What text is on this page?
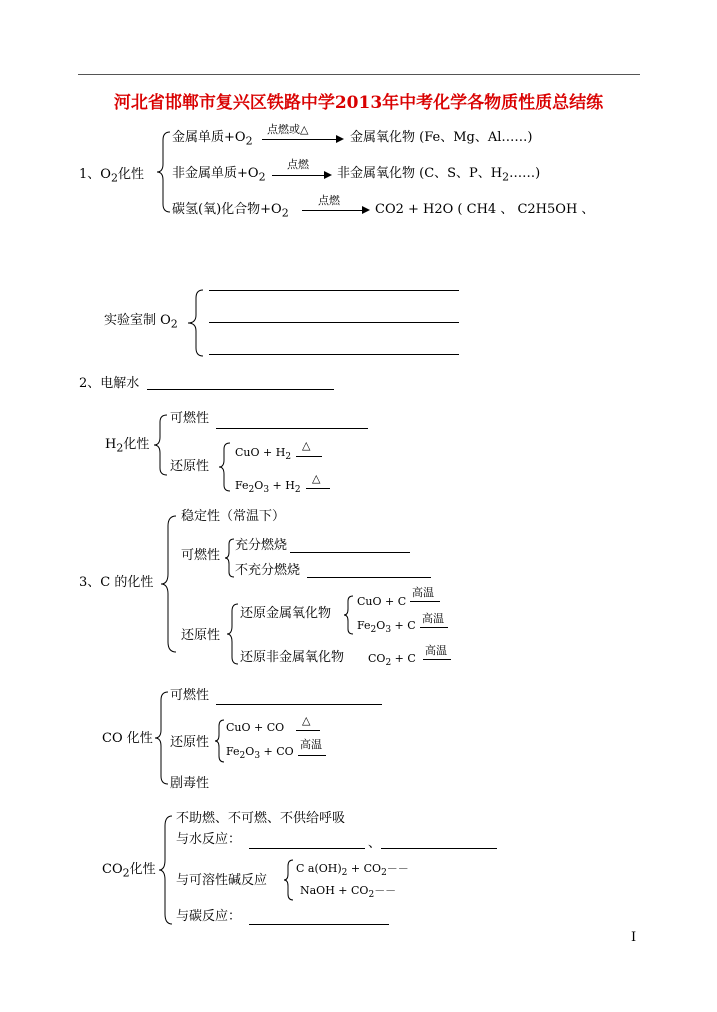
河北省邯郸市复兴区铁路中学2013年中考化学各物质性质总结练
1、$O_2$化性
金属单质$+O_2$
点燃或△
金属氧化物 (Fe、Mg、Al……)
非金属单质$+O_2$
点燃
非金属氧化物 (C、S、P、$H_2\dots\dots$)
碳氢(氧)化合物$+O_2$
点燃
CO2 + H2O ( CH4 、 C2H5OH 、
实验室制 $O_2$
2、电解水
$H_2$化性
可燃性
还原性
CuO + $H_2$
△
$Fe_2O_3 + H_2$
△
3、C 的化性
稳定性（常温下）
可燃性
充分燃烧
不充分燃烧
还原性
还原金属氧化物
CuO + C
高温
$Fe_2O_3 + C$
高温
还原非金属氧化物 $CO_2 + C$
高温
CO 化性
可燃性
还原性
CuO + CO
△
$Fe_2O_3$ + CO
高温
剧毒性
$CO_2$化性
不助燃、不可燃、不供给呼吸
与水反应：	、
与可溶性碱反应
C $a(OH)_2 + CO_2--$
NaOH + $CO_2--$
与碳反应：
I
